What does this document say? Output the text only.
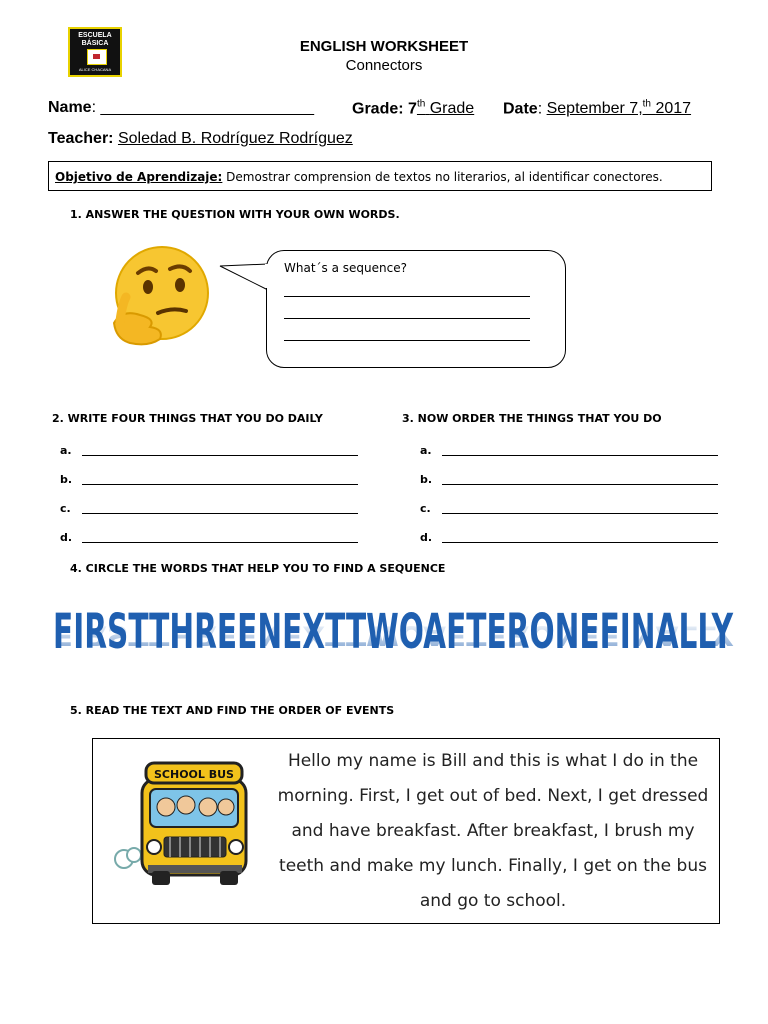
ESCUELA BÁSICA
ALICE CHACANA
ENGLISH WORKSHEET
Connectors
Name: ________________________ Grade: 7th Grade Date: September 7,$^{th}$ 2017
Teacher: Soledad B. Rodríguez Rodríguez
Objetivo de Aprendizaje: Demostrar comprension de textos no literarios, al identificar conectores.
1. ANSWER THE QUESTION WITH YOUR OWN WORDS.
What´s a sequence?
2. WRITE FOUR THINGS THAT YOU DO DAILY	3. NOW ORDER THE THINGS THAT YOU DO
a.
b.
c.
d.
a.
b.
c.
d.
4. CIRCLE THE WORDS THAT HELP YOU TO FIND A SEQUENCE
FIRSTTHREENEXTTWOAFTERONEFINALLY
FIRSTTHREENEXTTWOAFTERONEFINALLY
5. READ THE TEXT AND FIND THE ORDER OF EVENTS
SCHOOL BUS
Hello my name is Bill and this is what I do in the morning. First, I get out of bed. Next, I get dressed and have breakfast. After breakfast, I brush my teeth and make my lunch. Finally, I get on the bus and go to school.
